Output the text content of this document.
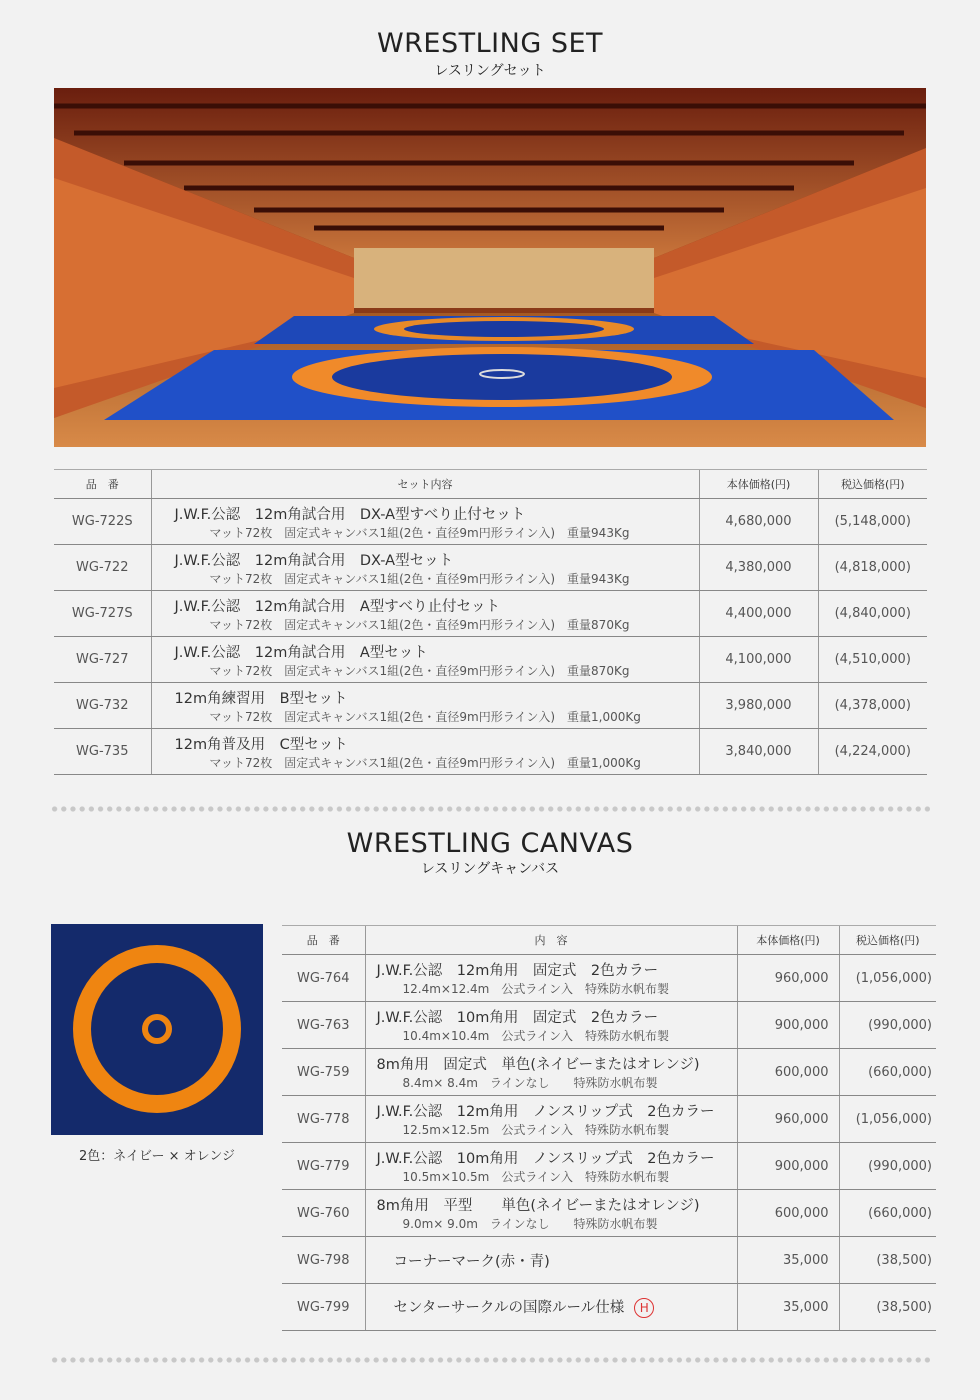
WRESTLING SET
レスリングセット
品　番	セット内容	本体価格(円)	税込価格(円)
WG-722S	J.W.F.公認　12m角試合用　DX-A型すべり止付セット
マット72枚　固定式キャンバス1組(2色・直径9m円形ライン入)　重量943Kg	4,680,000	(5,148,000)
WG-722	J.W.F.公認　12m角試合用　DX-A型セット
マット72枚　固定式キャンバス1組(2色・直径9m円形ライン入)　重量943Kg	4,380,000	(4,818,000)
WG-727S	J.W.F.公認　12m角試合用　A型すべり止付セット
マット72枚　固定式キャンバス1組(2色・直径9m円形ライン入)　重量870Kg	4,400,000	(4,840,000)
WG-727	J.W.F.公認　12m角試合用　A型セット
マット72枚　固定式キャンバス1組(2色・直径9m円形ライン入)　重量870Kg	4,100,000	(4,510,000)
WG-732	12m角練習用　B型セット
マット72枚　固定式キャンバス1組(2色・直径9m円形ライン入)　重量1,000Kg	3,980,000	(4,378,000)
WG-735	12m角普及用　C型セット
マット72枚　固定式キャンバス1組(2色・直径9m円形ライン入)　重量1,000Kg	3,840,000	(4,224,000)
WRESTLING CANVAS
レスリングキャンバス
2色：ネイビー × オレンジ
品　番	内　容	本体価格(円)	税込価格(円)
WG-764	J.W.F.公認　12m角用　固定式　2色カラー
12.4m×12.4m　公式ライン入　特殊防水帆布製	960,000	(1,056,000)
WG-763	J.W.F.公認　10m角用　固定式　2色カラー
10.4m×10.4m　公式ライン入　特殊防水帆布製	900,000	(990,000)
WG-759	8m角用　固定式　単色(ネイビーまたはオレンジ)
8.4m× 8.4m　ラインなし　　特殊防水帆布製	600,000	(660,000)
WG-778	J.W.F.公認　12m角用　ノンスリップ式　2色カラー
12.5m×12.5m　公式ライン入　特殊防水帆布製	960,000	(1,056,000)
WG-779	J.W.F.公認　10m角用　ノンスリップ式　2色カラー
10.5m×10.5m　公式ライン入　特殊防水帆布製	900,000	(990,000)
WG-760	8m角用　平型　　単色(ネイビーまたはオレンジ)
9.0m× 9.0m　ラインなし　　特殊防水帆布製	600,000	(660,000)
WG-798	コーナーマーク(赤・青)	35,000	(38,500)
WG-799	センターサークルの国際ルール仕様 H	35,000	(38,500)
